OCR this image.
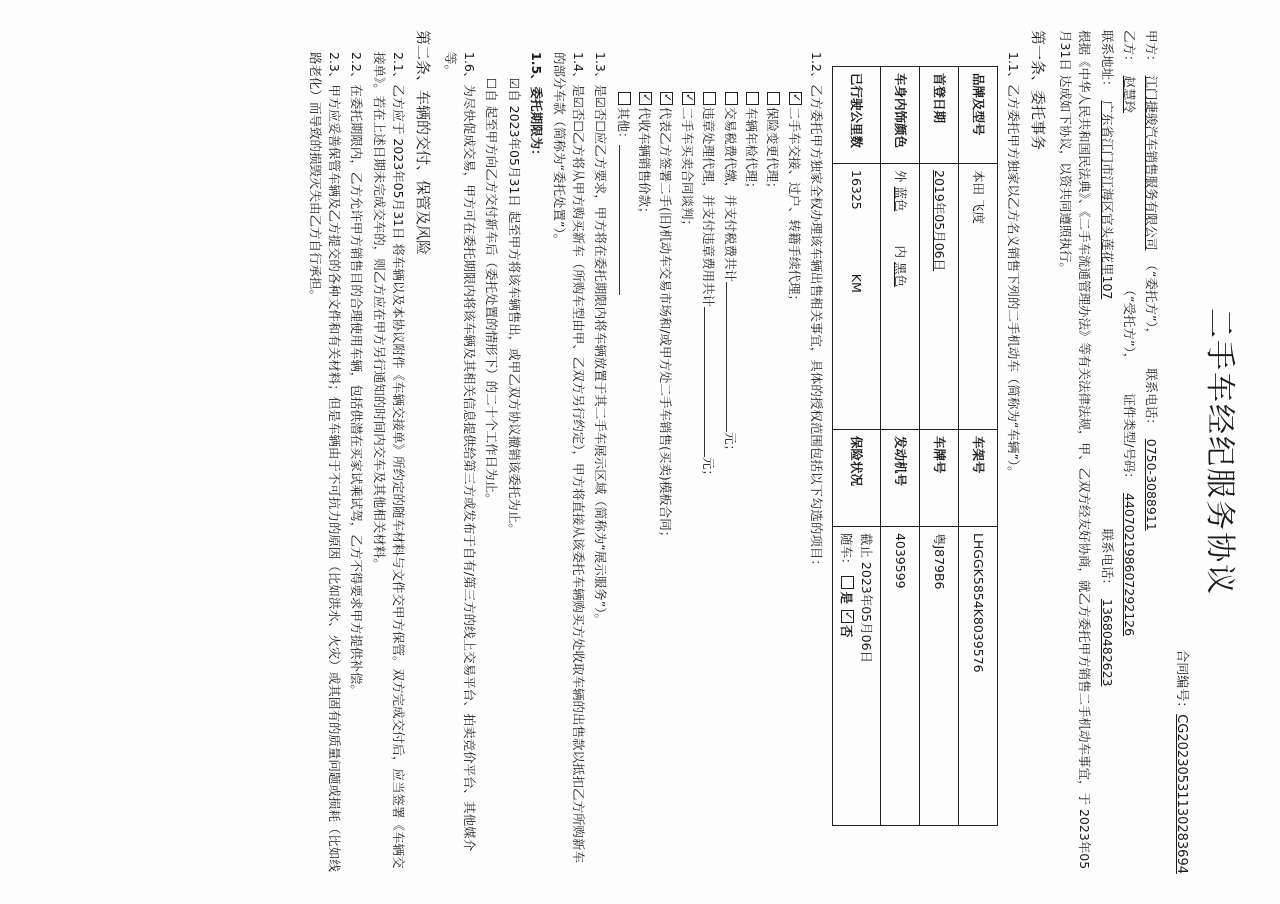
二手车经纪服务协议
合同编号：CG20230531130283694
甲方：
江门捷骏汽车销售服务有限公司
（“委托方”），
联系电话：
0750-3088911
乙方：
赵慧玲
（“受托方”），
证件类型/号码：
440702198607292126
联系地址：
广东省江门市江海区官头莲花里107
联系电话：
13680482623

根据《中华人民共和国民法典》、《二手车流通管理办法》等有关法律法规，甲、乙双方经友好协商，就乙方委托甲方销售二手机动车事宜，于 2023年05月31日 达成如下协议，以资共同遵照执行。

第一条、委托事务

1.1、乙方委托甲方独家以乙方名义销售下列的二手机动车（简称为“车辆”）。

品牌及型号	本田 飞度	车架号	LHGGK5854K8039576
首登日期	2019年05月06日	车牌号	粤J879B6
车身内饰颜色	外 蓝色 内 黑色	发动机号	4039599
已行驶公里数	16325 KM	保险状况	截止 2023年05月06日
随车： 是 ✓否

1.2、乙方委托甲方独家全权办理该车辆出售相关事宜，具体的授权范围包括以下勾选的项目：

✓二手车交接、过户、转籍手续代理；
保险变更代理；
车辆年检代理；
交易税费代缴，并支付税费共计元；
违章处理代理，并支付违章费用共计元；
✓二手车买卖合同谈判；
✓代表乙方签署二手(旧)机动车交易市场和/或甲方处二手车销售(买卖)模板合同；
✓代收车辆销售价款；
其他：

1.3、是☑否☐应乙方要求，甲方将在委托期限内将车辆放置于其二手车展示区域（简称为“展示服务”）。

1.4、是☑否☐乙方将从甲方购买新车（所购车型由甲、乙双方另行约定），甲方将直接从该委托车辆购买方处收取车辆的出售款以抵扣乙方所购新车的部分车款（简称为“委托处置”）。

1.5、委托期限为：

☑自 2023年05月31日 起至甲方将该车辆售出，或甲乙双方协议撤销该委托为止。

☐自 起至甲方向乙方交付新车后（委托处置的情形下）的二十个工作日为止。

1.6、为尽快促成交易，甲方可在委托期限内将该车辆及其相关信息提供给第三方或发布于自有/第三方的线上交易平台、拍卖竞价平台、其他媒介等。

第二条、车辆的交付、保管及风险

2.1、乙方应于 2023年05月31日 将车辆以及本协议附件《车辆交接单》所约定的随车材料与文件交甲方保管。双方完成交付后，应当签署《车辆交接单》。若在上述日期未完成交车的，则乙方应在甲方另行通知的时间内交车及其他相关材料。

2.2、在委托期限内，乙方允许甲方销售目的合理使用车辆，包括供潜在买家试乘试驾，乙方不得要求甲方提供补偿。

2.3、甲方应妥善保管车辆及乙方提交的各种文件和有关材料；但是车辆由于不可抗力的原因（比如洪水、火灾）或其固有的质量问题或损耗（比如线路老化）而导致的损毁灭失由乙方自行承担。
